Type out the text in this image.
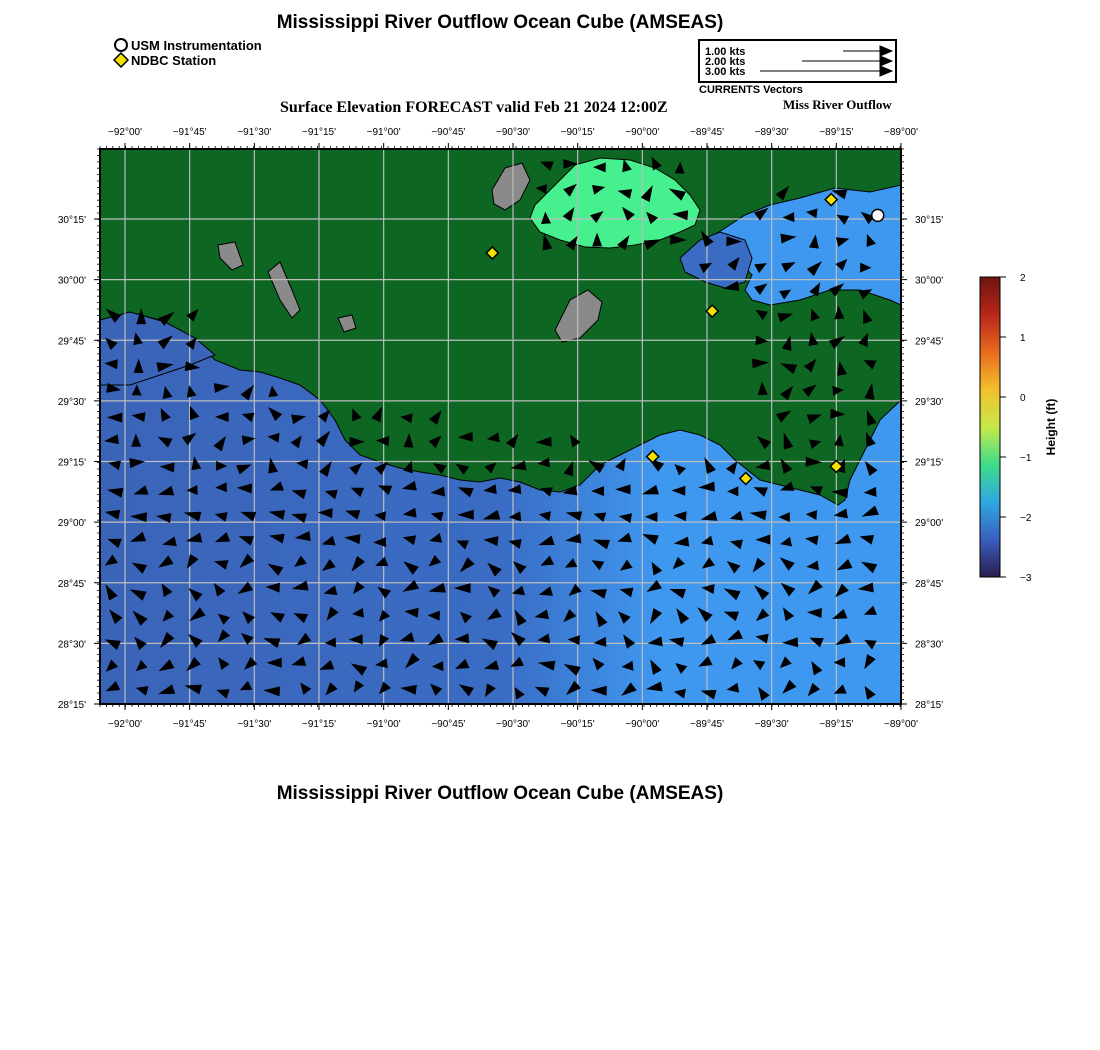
Mississippi River Outflow Ocean Cube (AMSEAS)
USM Instrumentation
NDBC Station
1.00 kts
2.00 kts
3.00 kts
CURRENTS Vectors
Surface Elevation FORECAST valid Feb 21 2024 12:00Z	Miss River Outflow
−92°00'
−92°00'
−91°45'
−91°45'
−91°30'
−91°30'
−91°15'
−91°15'
−91°00'
−91°00'
−90°45'
−90°45'
−90°30'
−90°30'
−90°15'
−90°15'
−90°00'
−90°00'
−89°45'
−89°45'
−89°30'
−89°30'
−89°15'
−89°15'
−89°00'
−89°00'
30°15'	30°15'
30°00'	30°00'
29°45'	29°45'
29°30'	29°30'
29°15'	29°15'
29°00'	29°00'
28°45'	28°45'
28°30'	28°30'
28°15'	28°15'
2
1
0
−1
−2
−3
Height (ft)
Mississippi River Outflow Ocean Cube (AMSEAS)
